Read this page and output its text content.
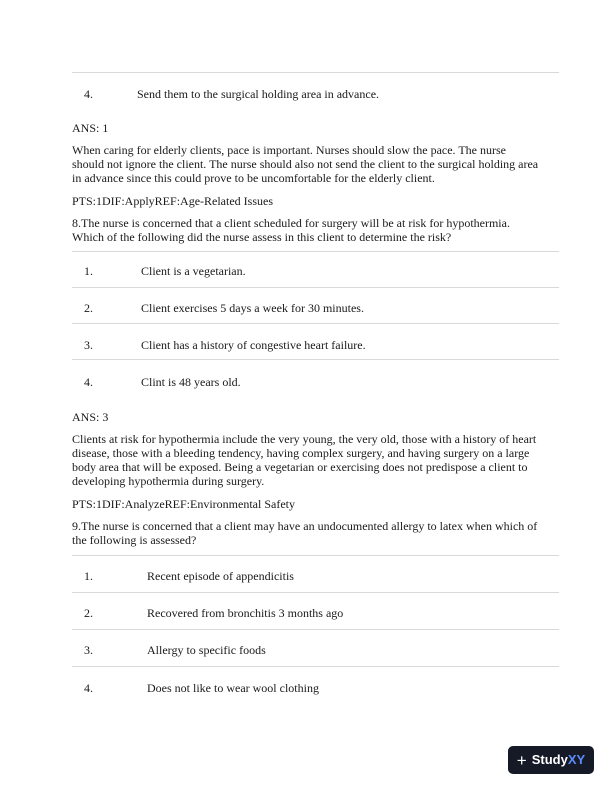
4.	Send them to the surgical holding area in advance.
ANS: 1
When caring for elderly clients, pace is important. Nurses should slow the pace. The nurse
should not ignore the client. The nurse should also not send the client to the surgical holding area
in advance since this could prove to be uncomfortable for the elderly client.
PTS:1DIF:ApplyREF:Age-Related Issues
8.The nurse is concerned that a client scheduled for surgery will be at risk for hypothermia.
Which of the following did the nurse assess in this client to determine the risk?
1.	Client is a vegetarian.
2.	Client exercises 5 days a week for 30 minutes.
3.	Client has a history of congestive heart failure.
4.	Clint is 48 years old.
ANS: 3
Clients at risk for hypothermia include the very young, the very old, those with a history of heart
disease, those with a bleeding tendency, having complex surgery, and having surgery on a large
body area that will be exposed. Being a vegetarian or exercising does not predispose a client to
developing hypothermia during surgery.
PTS:1DIF:AnalyzeREF:Environmental Safety
9.The nurse is concerned that a client may have an undocumented allergy to latex when which of
the following is assessed?
1.	Recent episode of appendicitis
2.	Recovered from bronchitis 3 months ago
3.	Allergy to specific foods
4.	Does not like to wear wool clothing
+ StudyXY
